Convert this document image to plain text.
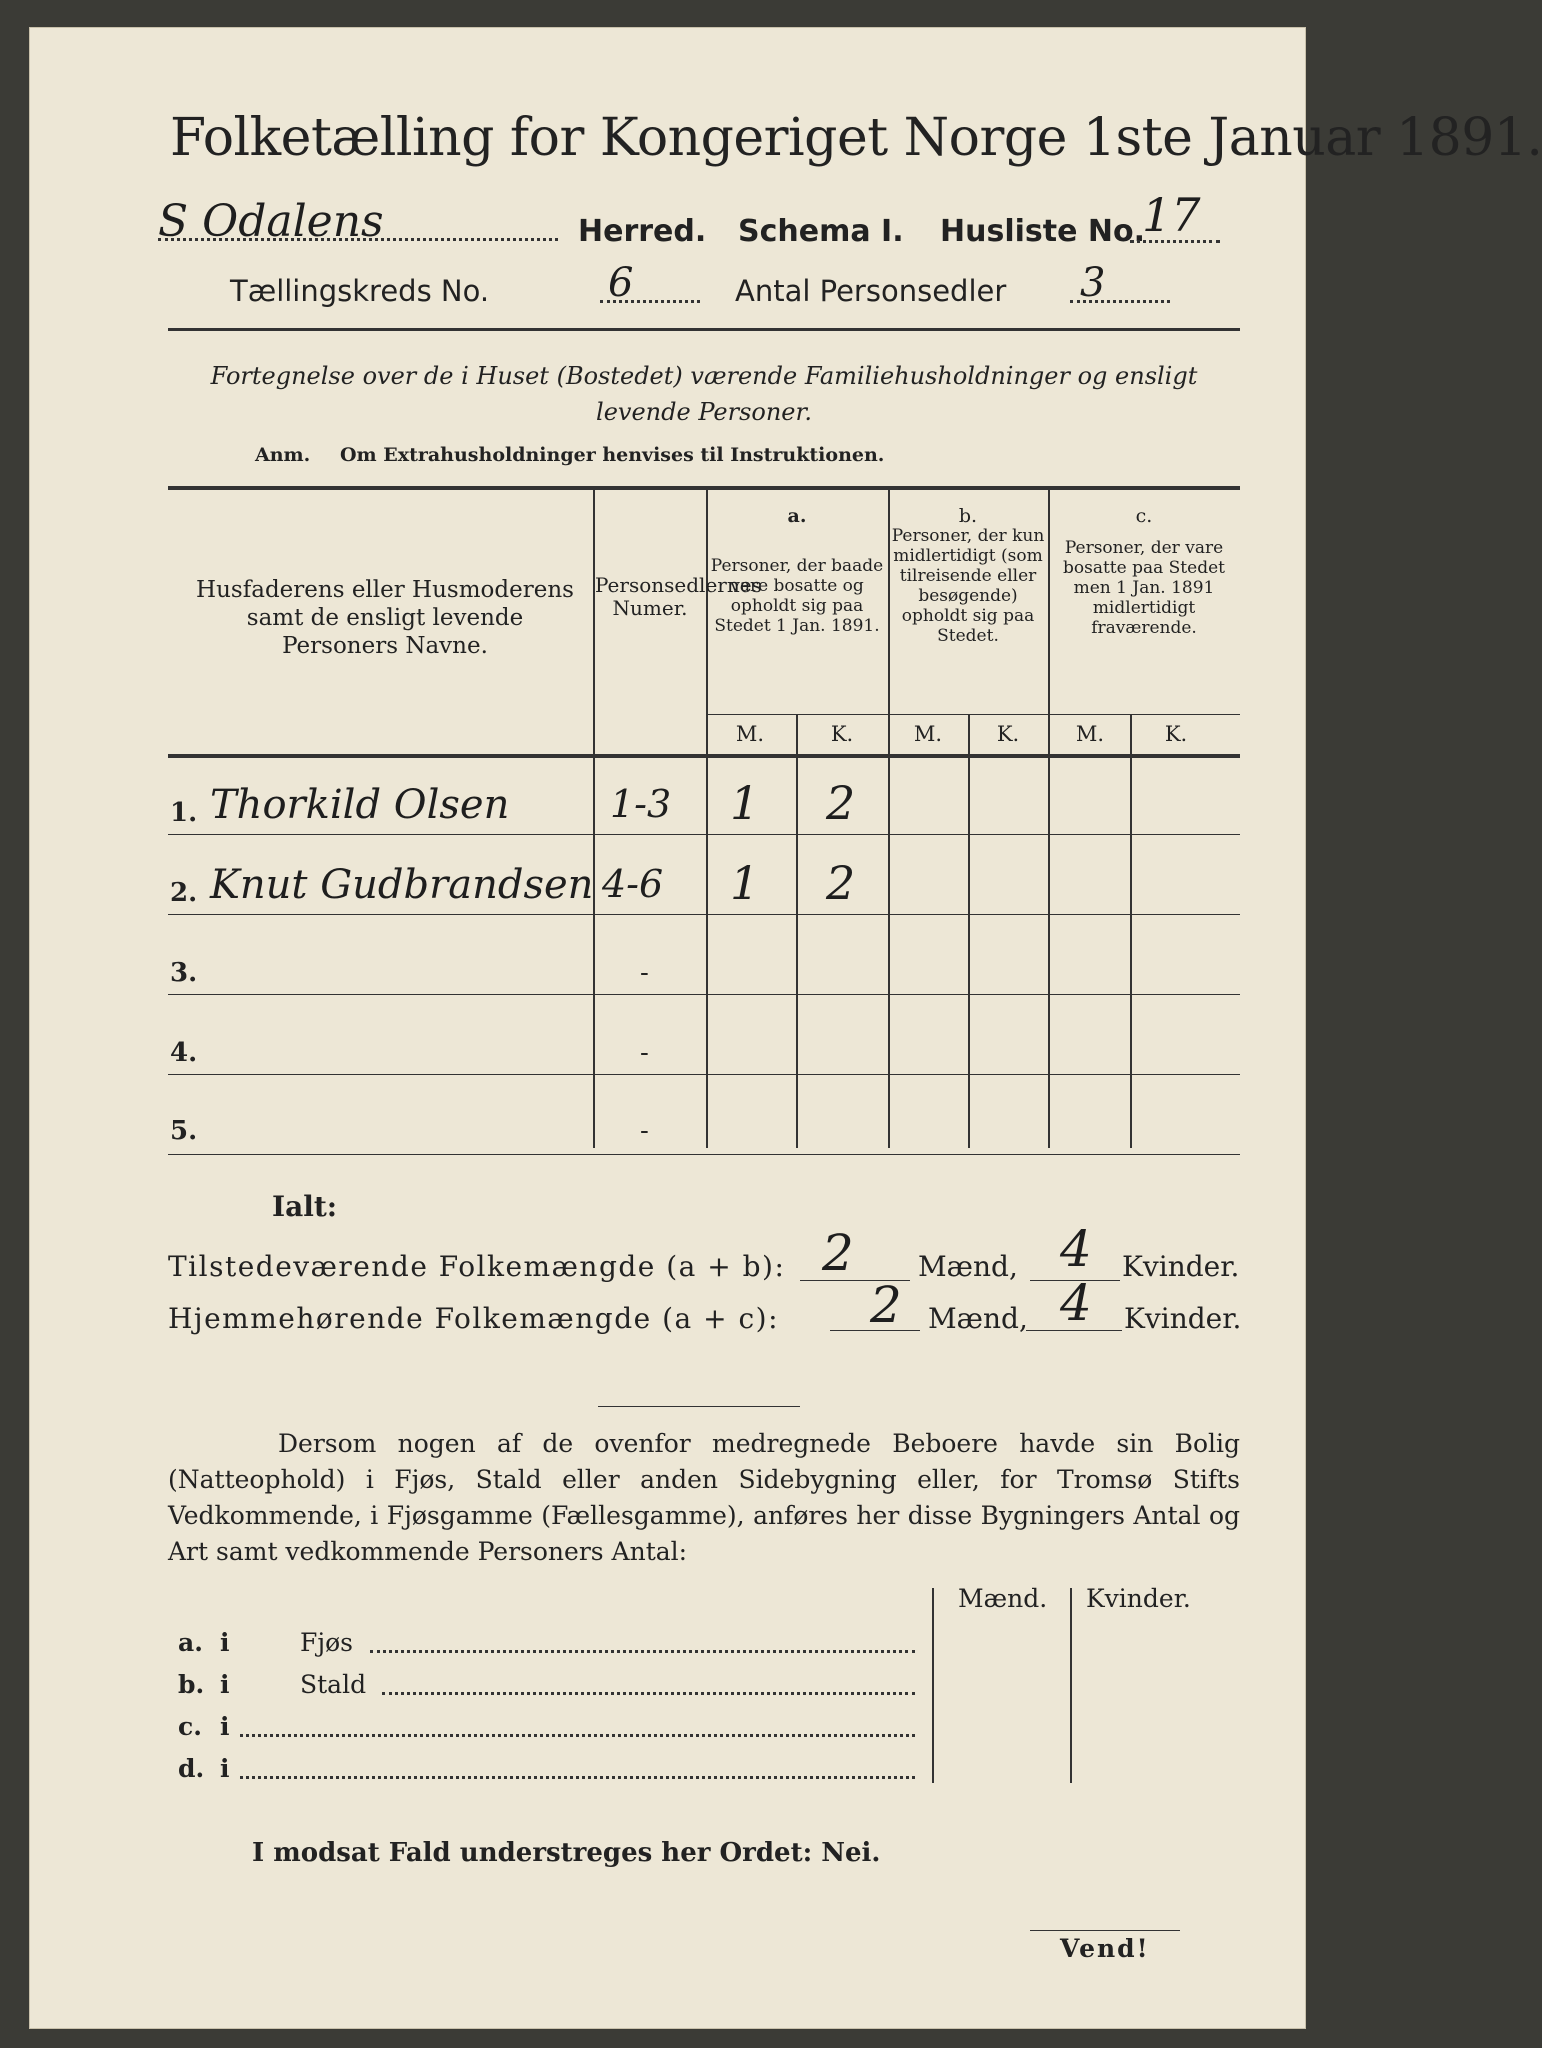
Folketælling for Kongeriget Norge 1ste Januar 1891.
S Odalens	Herred. Schema I. Husliste No.
17
Tællingskreds No.	6	Antal Personsedler 3
Fortegnelse over de i Huset (Bostedet) værende Familiehusholdninger og ensligt levende Personer.
Anm. Om Extrahusholdninger henvises til Instruktionen.
Husfaderens eller Husmoderens samt de ensligt levende Personers Navne.
Personsedlernes Numer.
a.
Personer, der baade vare bosatte og opholdt sig paa Stedet 1 Jan. 1891.
b.
Personer, der kun midlertidigt (som tilreisende eller besøgende) opholdt sig paa Stedet.
c.
Personer, der vare bosatte paa Stedet men 1 Jan. 1891 midlertidigt fraværende.
M.	K.	M.	K.	M.	K.
1. Thorkild Olsen	1-3 1 2
2. Knut Gudbrandsen 4-6 1 2
3.	-
4.	-
5.	-
Ialt:
Tilstedeværende Folkemængde (a + b): 2 Mænd, 4 Kvinder.
Hjemmehørende Folkemængde (a + c): 2 Mænd, 4 Kvinder.
Dersom nogen af de ovenfor medregnede Beboere havde sin Bolig (Natteophold) i Fjøs, Stald eller anden Sidebygning eller, for Tromsø Stifts Vedkommende, i Fjøsgamme (Fællesgamme), anføres her disse Bygningers Antal og Art samt vedkommende Personers Antal:
Mænd. Kvinder.
a. i	Fjøs
b. i	Stald
c. i
d. i
I modsat Fald understreges her Ordet: Nei.
Vend!
